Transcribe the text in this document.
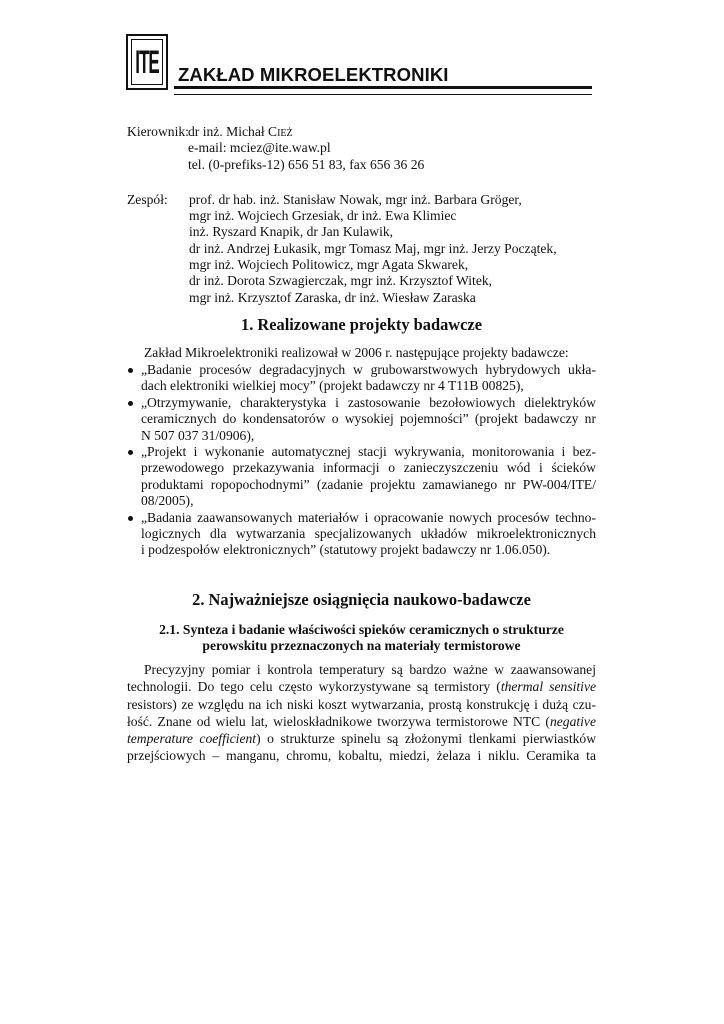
ITE ZAKŁAD MIKROELEKTRONIKI
Kierownik: dr inż. Michał Cież
e-mail: mciez@ite.waw.pl
tel. (0-prefiks-12) 656 51 83, fax 656 36 26
Zespół:	prof. dr hab. inż. Stanisław Nowak, mgr inż. Barbara Gröger,
mgr inż. Wojciech Grzesiak, dr inż. Ewa Klimiec
inż. Ryszard Knapik, dr Jan Kulawik,
dr inż. Andrzej Łukasik, mgr Tomasz Maj, mgr inż. Jerzy Początek,
mgr inż. Wojciech Politowicz, mgr Agata Skwarek,
dr inż. Dorota Szwagierczak, mgr inż. Krzysztof Witek,
mgr inż. Krzysztof Zaraska, dr inż. Wiesław Zaraska
1. Realizowane projekty badawcze
Zakład Mikroelektroniki realizował w 2006 r. następujące projekty badawcze:
„Badanie procesów degradacyjnych w grubowarstwowych hybrydowych ukła-
dach elektroniki wielkiej mocy” (projekt badawczy nr 4 T11B 00825),
„Otrzymywanie, charakterystyka i zastosowanie bezołowiowych dielektryków
ceramicznych do kondensatorów o wysokiej pojemności” (projekt badawczy nr
N 507 037 31/0906),
„Projekt i wykonanie automatycznej stacji wykrywania, monitorowania i bez-
przewodowego przekazywania informacji o zanieczyszczeniu wód i ścieków
produktami ropopochodnymi” (zadanie projektu zamawianego nr PW-004/ITE/
08/2005),
„Badania zaawansowanych materiałów i opracowanie nowych procesów techno-
logicznych dla wytwarzania specjalizowanych układów mikroelektronicznych
i podzespołów elektronicznych” (statutowy projekt badawczy nr 1.06.050).
2. Najważniejsze osiągnięcia naukowo-badawcze
2.1. Synteza i badanie właściwości spieków ceramicznych o strukturze
perowskitu przeznaczonych na materiały termistorowe
Precyzyjny pomiar i kontrola temperatury są bardzo ważne w zaawansowanej
technologii. Do tego celu często wykorzystywane są termistory (thermal sensitive
resistors) ze względu na ich niski koszt wytwarzania, prostą konstrukcję i dużą czu-
łość. Znane od wielu lat, wieloskładnikowe tworzywa termistorowe NTC (negative
temperature coefficient) o strukturze spinelu są złożonymi tlenkami pierwiastków
przejściowych – manganu, chromu, kobaltu, miedzi, żelaza i niklu. Ceramika ta
